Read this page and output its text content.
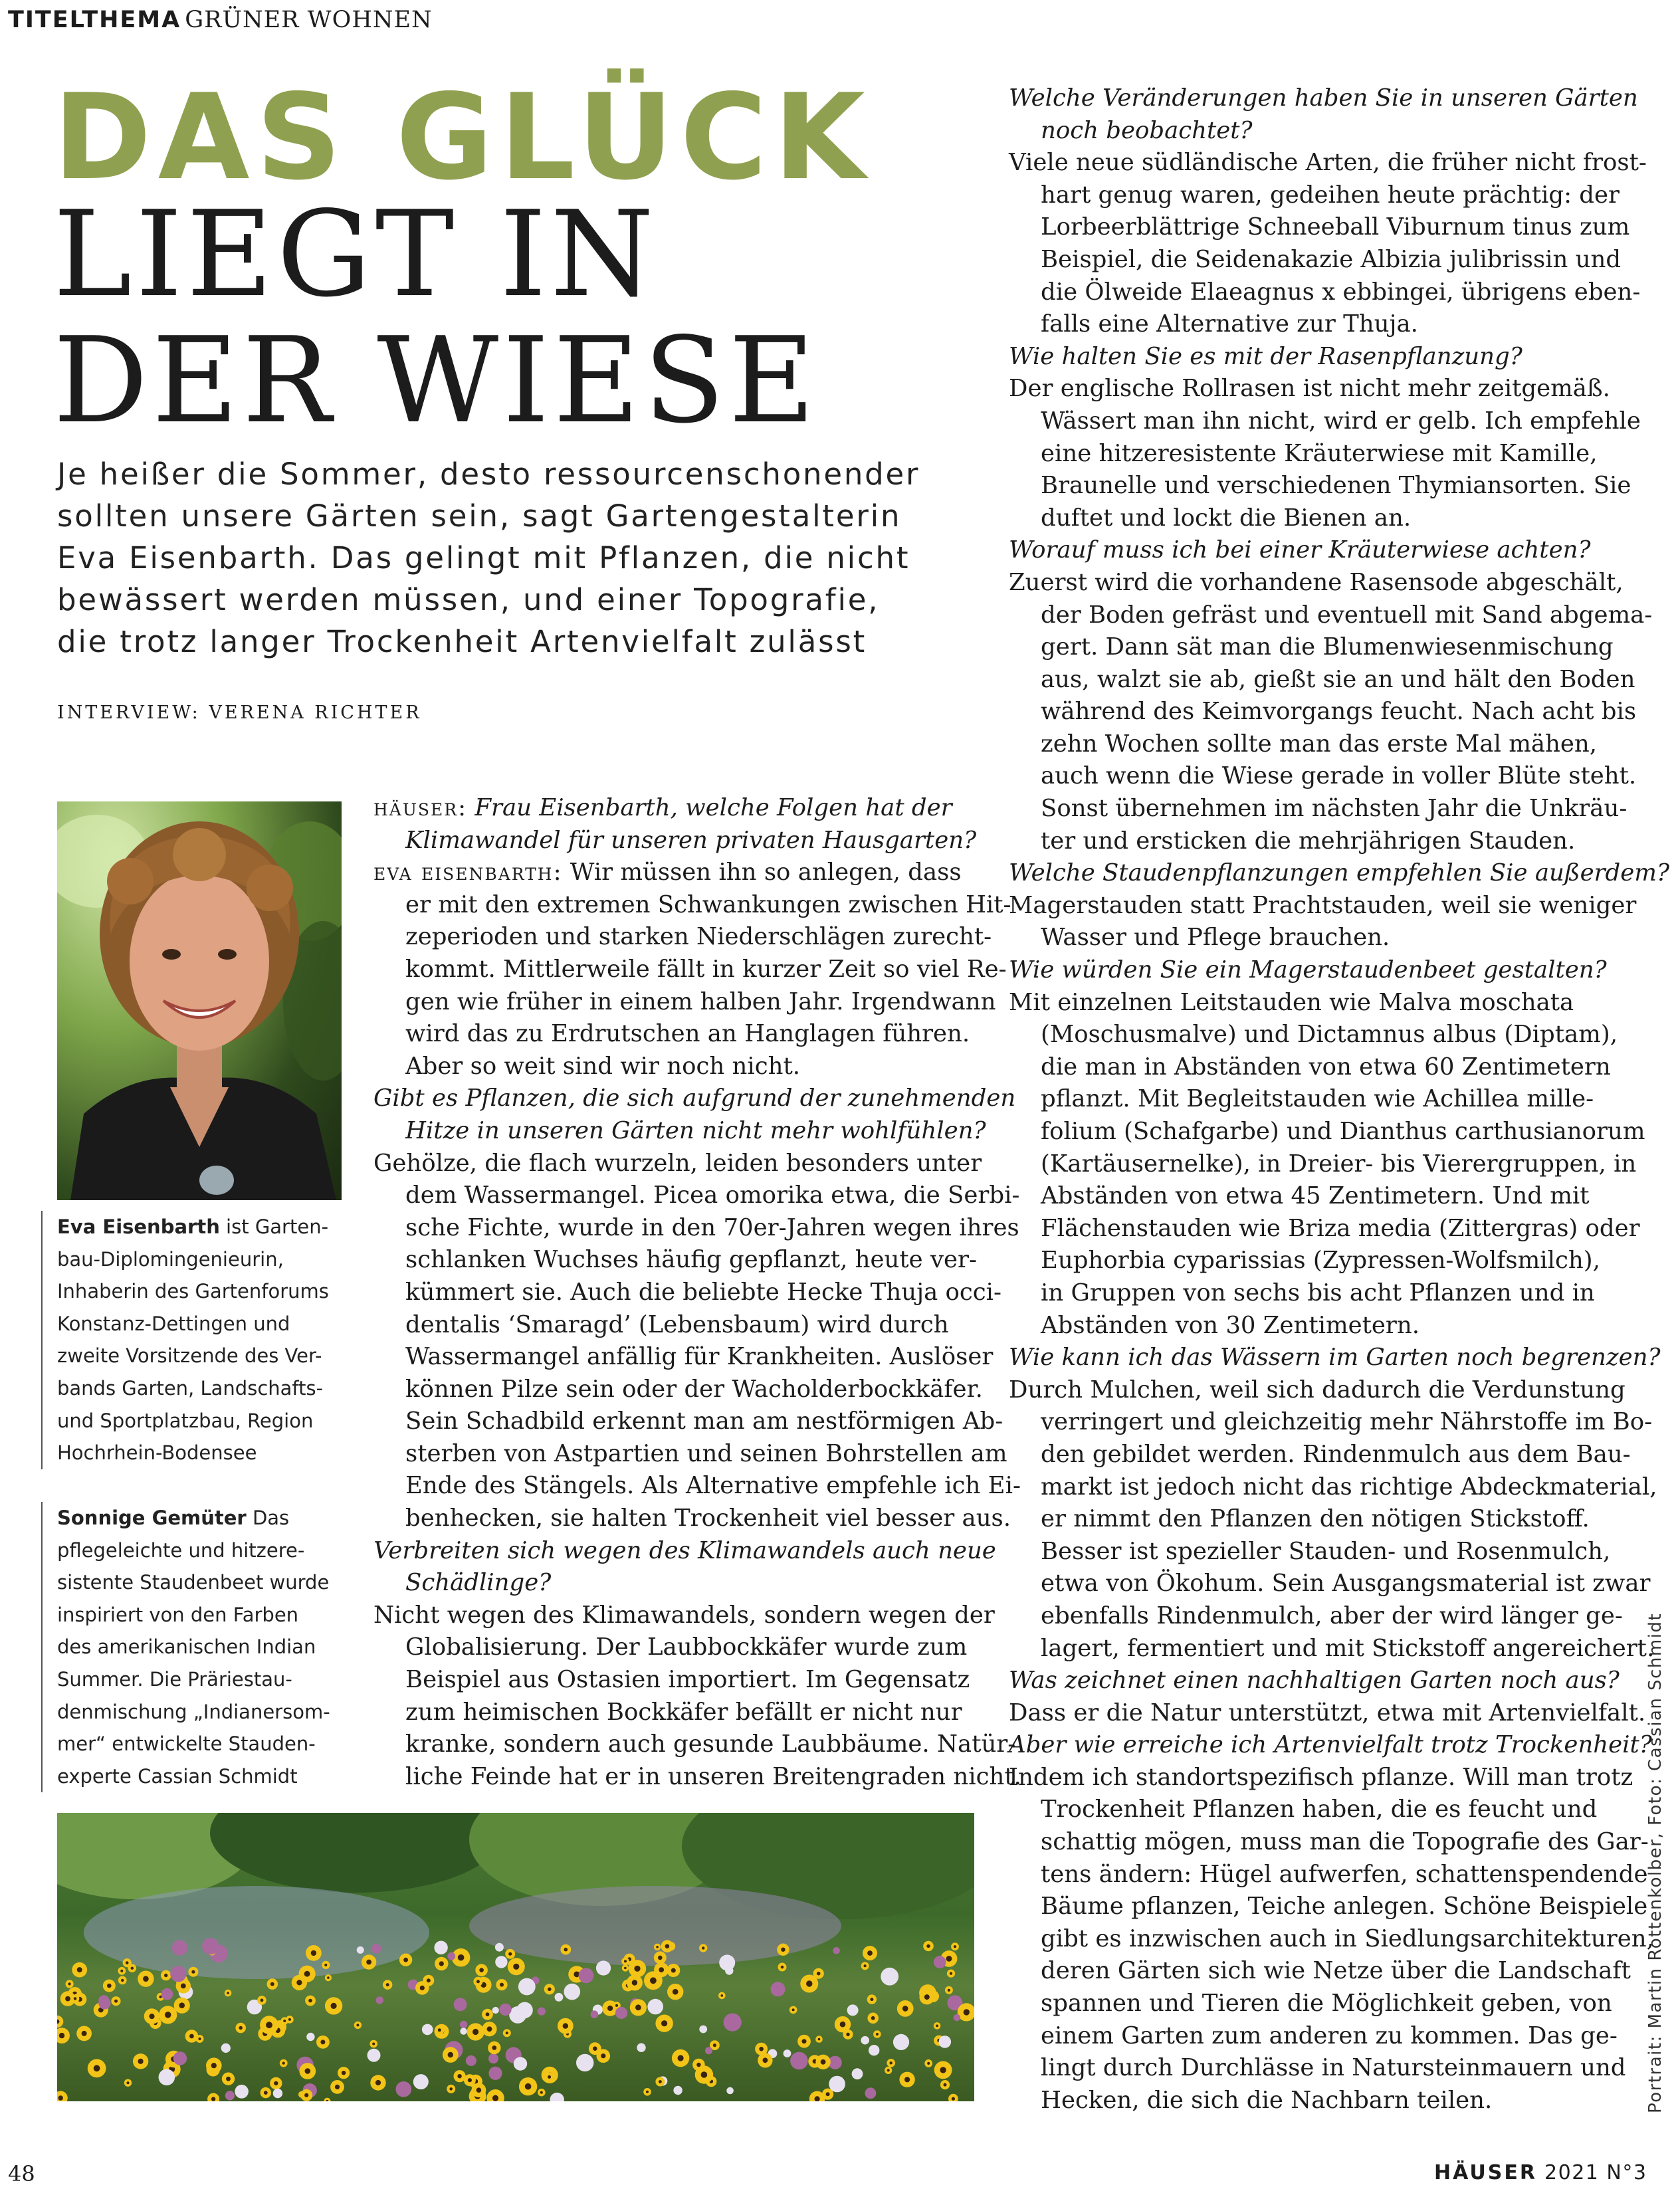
TITELTHEMA GRÜNER WOHNEN
DAS GLÜCK
LIEGT IN
DER WIESE
Je heißer die Sommer, desto ressourcenschonender
sollten unsere Gärten sein, sagt Gartengestalterin
Eva Eisenbarth. Das gelingt mit Pflanzen, die nicht
bewässert werden müssen, und einer Topografie,
die trotz langer Trockenheit Artenvielfalt zulässt
INTERVIEW: VERENA RICHTER
Eva Eisenbarth ist Garten-
bau-Diplomingenieurin,
Inhaberin des Gartenforums
Konstanz-Dettingen und
zweite Vorsitzende des Ver-
bands Garten, Landschafts-
und Sportplatzbau, Region
Hochrhein-Bodensee
Sonnige Gemüter Das
pflegeleichte und hitzere-
sistente Staudenbeet wurde
inspiriert von den Farben
des amerikanischen Indian
Summer. Die Präriestau-
denmischung „Indianersom-
mer“ entwickelte Stauden-
experte Cassian Schmidt
häuser: Frau Eisenbarth, welche Folgen hat der
Klimawandel für unseren privaten Hausgarten?
eva eisenbarth: Wir müssen ihn so anlegen, dass
er mit den extremen Schwankungen zwischen Hit-
zeperioden und starken Niederschlägen zurecht-
kommt. Mittlerweile fällt in kurzer Zeit so viel Re-
gen wie früher in einem halben Jahr. Irgendwann
wird das zu Erdrutschen an Hanglagen führen.
Aber so weit sind wir noch nicht.
Gibt es Pflanzen, die sich aufgrund der zunehmenden
Hitze in unseren Gärten nicht mehr wohlfühlen?
Gehölze, die flach wurzeln, leiden besonders unter
dem Wassermangel. Picea omorika etwa, die Serbi-
sche Fichte, wurde in den 70er-Jahren wegen ihres
schlanken Wuchses häufig gepflanzt, heute ver-
kümmert sie. Auch die beliebte Hecke Thuja occi-
dentalis ‘Smaragd’ (Lebensbaum) wird durch
Wassermangel anfällig für Krankheiten. Auslöser
können Pilze sein oder der Wacholderbockkäfer.
Sein Schadbild erkennt man am nestförmigen Ab-
sterben von Astpartien und seinen Bohrstellen am
Ende des Stängels. Als Alternative empfehle ich Ei-
benhecken, sie halten Trockenheit viel besser aus.
Verbreiten sich wegen des Klimawandels auch neue
Schädlinge?
Nicht wegen des Klimawandels, sondern wegen der
Globalisierung. Der Laubbockkäfer wurde zum
Beispiel aus Ostasien importiert. Im Gegensatz
zum heimischen Bockkäfer befällt er nicht nur
kranke, sondern auch gesunde Laubbäume. Natür-
liche Feinde hat er in unseren Breitengraden nicht.
Welche Veränderungen haben Sie in unseren Gärten
noch beobachtet?
Viele neue südländische Arten, die früher nicht frost-
hart genug waren, gedeihen heute prächtig: der
Lorbeerblättrige Schneeball Viburnum tinus zum
Beispiel, die Seidenakazie Albizia julibrissin und
die Ölweide Elaeagnus x ebbingei, übrigens eben-
falls eine Alternative zur Thuja.
Wie halten Sie es mit der Rasenpflanzung?
Der englische Rollrasen ist nicht mehr zeitgemäß.
Wässert man ihn nicht, wird er gelb. Ich empfehle
eine hitzeresistente Kräuterwiese mit Kamille,
Braunelle und verschiedenen Thymiansorten. Sie
duftet und lockt die Bienen an.
Worauf muss ich bei einer Kräuterwiese achten?
Zuerst wird die vorhandene Rasensode abgeschält,
der Boden gefräst und eventuell mit Sand abgema-
gert. Dann sät man die Blumenwiesenmischung
aus, walzt sie ab, gießt sie an und hält den Boden
während des Keimvorgangs feucht. Nach acht bis
zehn Wochen sollte man das erste Mal mähen,
auch wenn die Wiese gerade in voller Blüte steht.
Sonst übernehmen im nächsten Jahr die Unkräu-
ter und ersticken die mehrjährigen Stauden.
Welche Staudenpflanzungen empfehlen Sie außerdem?
Magerstauden statt Prachtstauden, weil sie weniger
Wasser und Pflege brauchen.
Wie würden Sie ein Magerstaudenbeet gestalten?
Mit einzelnen Leitstauden wie Malva moschata
(Moschusmalve) und Dictamnus albus (Diptam),
die man in Abständen von etwa 60 Zentimetern
pflanzt. Mit Begleitstauden wie Achillea mille-
folium (Schafgarbe) und Dianthus carthusianorum
(Kartäusernelke), in Dreier- bis Vierergruppen, in
Abständen von etwa 45 Zentimetern. Und mit
Flächenstauden wie Briza media (Zittergras) oder
Euphorbia cyparissias (Zypressen-Wolfsmilch),
in Gruppen von sechs bis acht Pflanzen und in
Abständen von 30 Zentimetern.
Wie kann ich das Wässern im Garten noch begrenzen?
Durch Mulchen, weil sich dadurch die Verdunstung
verringert und gleichzeitig mehr Nährstoffe im Bo-
den gebildet werden. Rindenmulch aus dem Bau-
markt ist jedoch nicht das richtige Abdeckmaterial,
er nimmt den Pflanzen den nötigen Stickstoff.
Besser ist spezieller Stauden- und Rosenmulch,
etwa von Ökohum. Sein Ausgangsmaterial ist zwar
ebenfalls Rindenmulch, aber der wird länger ge-
lagert, fermentiert und mit Stickstoff angereichert.
Was zeichnet einen nachhaltigen Garten noch aus?
Dass er die Natur unterstützt, etwa mit Artenvielfalt.
Aber wie erreiche ich Artenvielfalt trotz Trockenheit?
Indem ich standortspezifisch pflanze. Will man trotz
Trockenheit Pflanzen haben, die es feucht und
schattig mögen, muss man die Topografie des Gar-
tens ändern: Hügel aufwerfen, schattenspendende
Bäume pflanzen, Teiche anlegen. Schöne Beispiele
gibt es inzwischen auch in Siedlungsarchitekturen,
deren Gärten sich wie Netze über die Landschaft
spannen und Tieren die Möglichkeit geben, von
einem Garten zum anderen zu kommen. Das ge-
lingt durch Durchlässe in Natursteinmauern und
Hecken, die sich die Nachbarn teilen.	Portrait: Martin Rottenkolber, Foto: Cassian Schmidt
48	HÄUSER 2021 N°3
